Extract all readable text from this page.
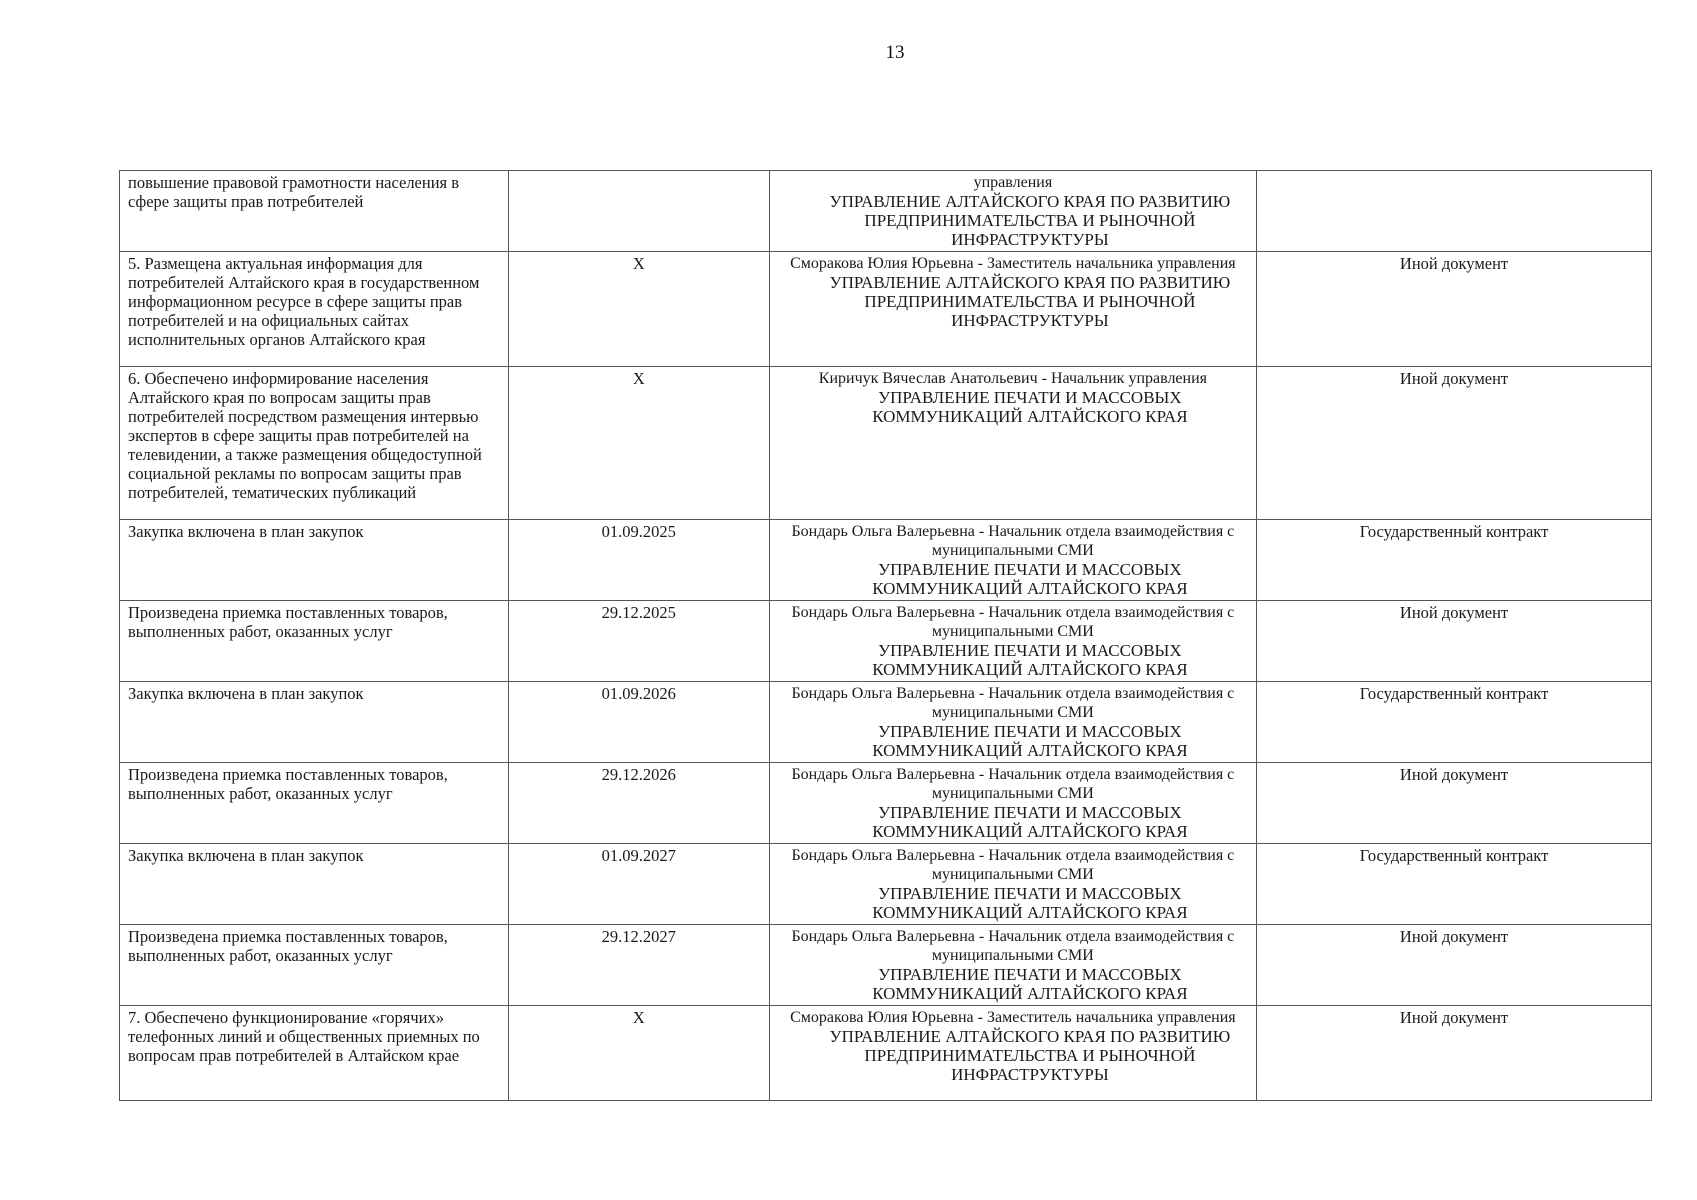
13
повышение правовой грамотности населения в сфере защиты прав потребителей		управления
УПРАВЛЕНИЕ АЛТАЙСКОГО КРАЯ ПО РАЗВИТИЮ ПРЕДПРИНИМАТЕЛЬСТВА И РЫНОЧНОЙ ИНФРАСТРУКТУРЫ	

5. Размещена актуальная информация для потребителей Алтайского края в государственном информационном ресурсе в сфере защиты прав потребителей и на официальных сайтах исполнительных органов Алтайского края	X	Сморакова Юлия Юрьевна - Заместитель начальника управления
УПРАВЛЕНИЕ АЛТАЙСКОГО КРАЯ ПО РАЗВИТИЮ ПРЕДПРИНИМАТЕЛЬСТВА И РЫНОЧНОЙ ИНФРАСТРУКТУРЫ	Иной документ
6. Обеспечено информирование населения Алтайского края по вопросам защиты прав потребителей посредством размещения интервью экспертов в сфере защиты прав потребителей на телевидении, а также размещения общедоступной социальной рекламы по вопросам защиты прав потребителей, тематических публикаций	X	Киричук Вячеслав Анатольевич - Начальник управления
УПРАВЛЕНИЕ ПЕЧАТИ И МАССОВЫХ КОММУНИКАЦИЙ АЛТАЙСКОГО КРАЯ	Иной документ
Закупка включена в план закупок	01.09.2025	Бондарь Ольга Валерьевна - Начальник отдела взаимодействия с муниципальными СМИ
УПРАВЛЕНИЕ ПЕЧАТИ И МАССОВЫХ КОММУНИКАЦИЙ АЛТАЙСКОГО КРАЯ	Государственный контракт
Произведена приемка поставленных товаров, выполненных работ, оказанных услуг	29.12.2025	Бондарь Ольга Валерьевна - Начальник отдела взаимодействия с муниципальными СМИ
УПРАВЛЕНИЕ ПЕЧАТИ И МАССОВЫХ КОММУНИКАЦИЙ АЛТАЙСКОГО КРАЯ	Иной документ
Закупка включена в план закупок	01.09.2026	Бондарь Ольга Валерьевна - Начальник отдела взаимодействия с муниципальными СМИ
УПРАВЛЕНИЕ ПЕЧАТИ И МАССОВЫХ КОММУНИКАЦИЙ АЛТАЙСКОГО КРАЯ	Государственный контракт
Произведена приемка поставленных товаров, выполненных работ, оказанных услуг	29.12.2026	Бондарь Ольга Валерьевна - Начальник отдела взаимодействия с муниципальными СМИ
УПРАВЛЕНИЕ ПЕЧАТИ И МАССОВЫХ КОММУНИКАЦИЙ АЛТАЙСКОГО КРАЯ	Иной документ
Закупка включена в план закупок	01.09.2027	Бондарь Ольга Валерьевна - Начальник отдела взаимодействия с муниципальными СМИ
УПРАВЛЕНИЕ ПЕЧАТИ И МАССОВЫХ КОММУНИКАЦИЙ АЛТАЙСКОГО КРАЯ	Государственный контракт
Произведена приемка поставленных товаров, выполненных работ, оказанных услуг	29.12.2027	Бондарь Ольга Валерьевна - Начальник отдела взаимодействия с муниципальными СМИ
УПРАВЛЕНИЕ ПЕЧАТИ И МАССОВЫХ КОММУНИКАЦИЙ АЛТАЙСКОГО КРАЯ	Иной документ
7. Обеспечено функционирование «горячих» телефонных линий и общественных приемных по вопросам прав потребителей в Алтайском крае	X	Сморакова Юлия Юрьевна - Заместитель начальника управления
УПРАВЛЕНИЕ АЛТАЙСКОГО КРАЯ ПО РАЗВИТИЮ ПРЕДПРИНИМАТЕЛЬСТВА И РЫНОЧНОЙ ИНФРАСТРУКТУРЫ	Иной документ
